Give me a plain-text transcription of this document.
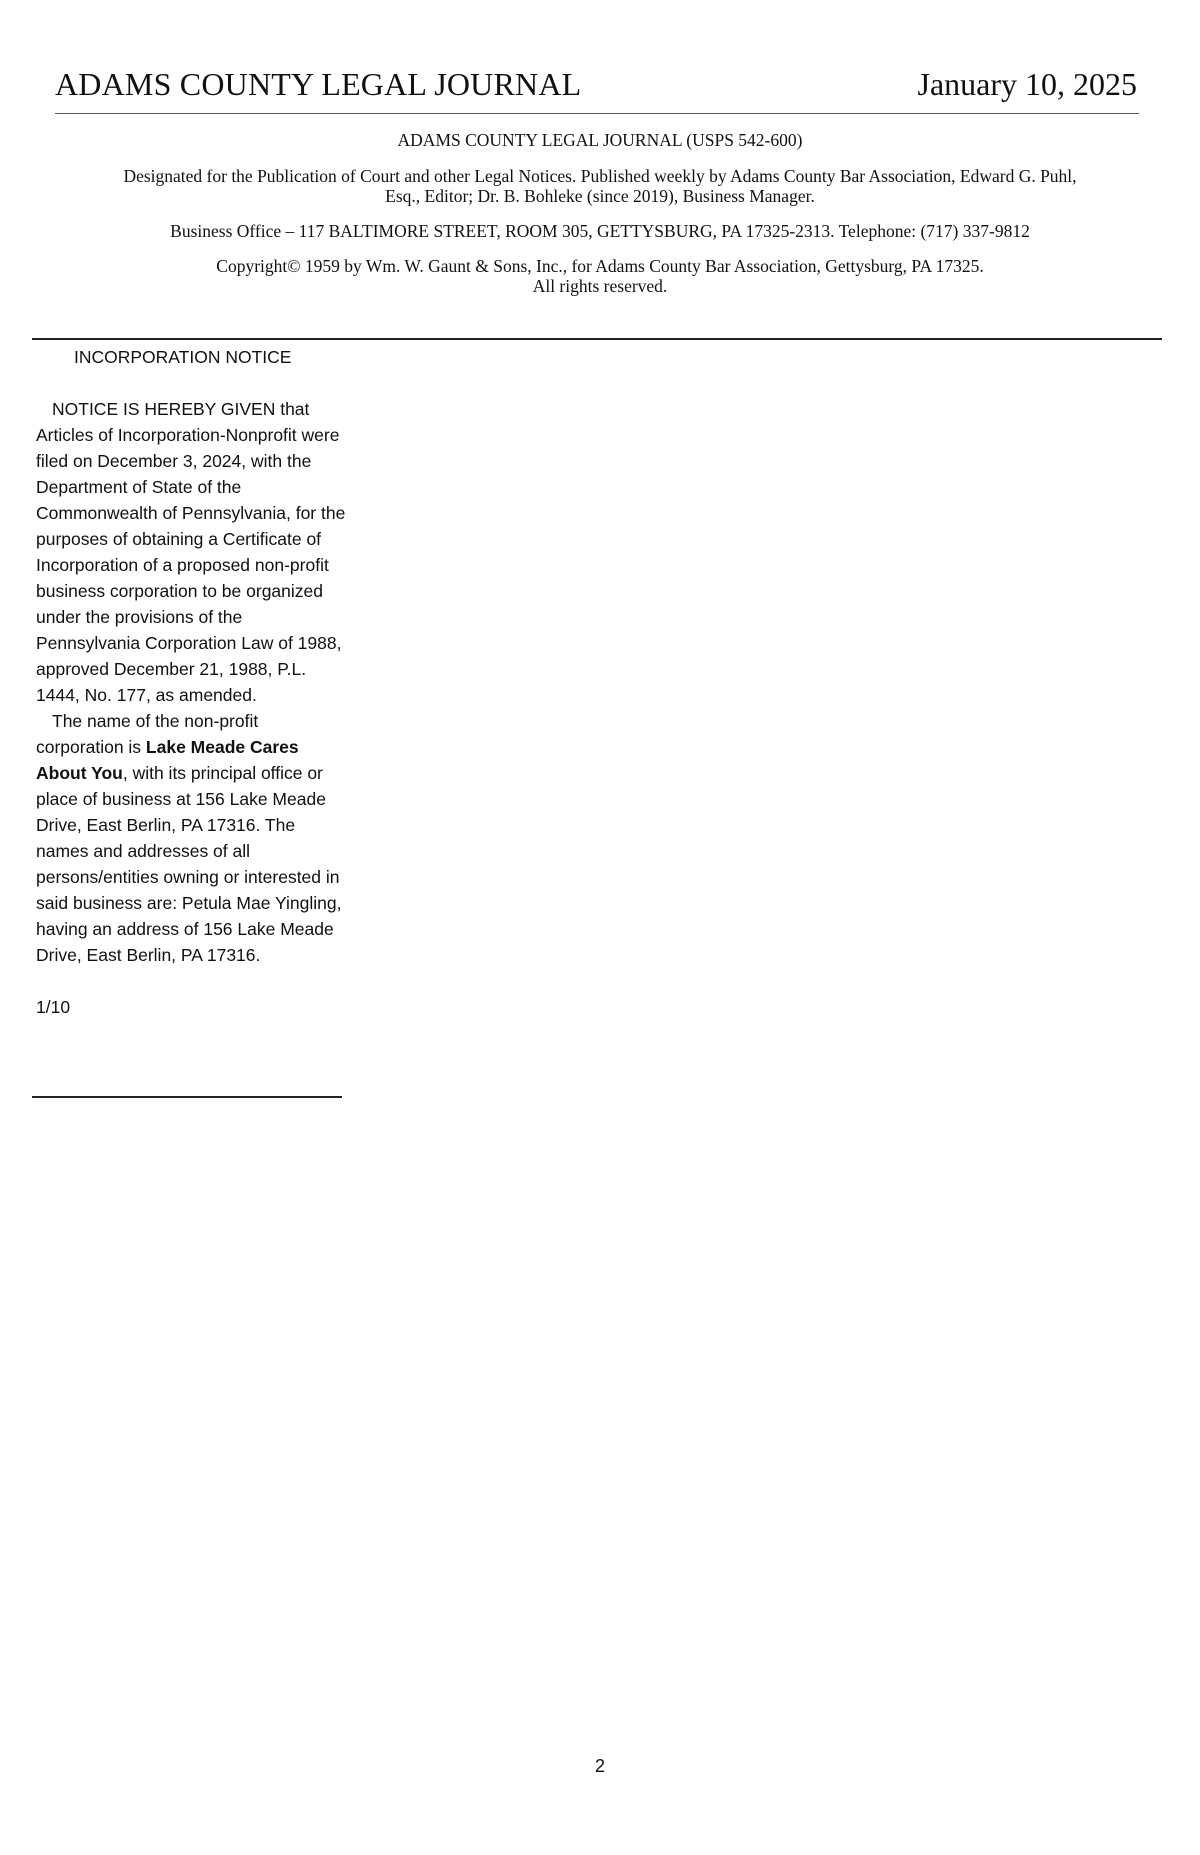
ADAMS COUNTY LEGAL JOURNAL	January 10, 2025

ADAMS COUNTY LEGAL JOURNAL (USPS 542-600)

Designated for the Publication of Court and other Legal Notices. Published weekly by Adams County Bar Association, Edward G. Puhl, Esq., Editor; Dr. B. Bohleke (since 2019), Business Manager.

Business Office – 117 BALTIMORE STREET, ROOM 305, GETTYSBURG, PA 17325-2313. Telephone: (717) 337-9812

Copyright© 1959 by Wm. W. Gaunt & Sons, Inc., for Adams County Bar Association, Gettysburg, PA 17325.
All rights reserved.

INCORPORATION NOTICE

NOTICE IS HEREBY GIVEN that Articles of Incorporation-Nonprofit were filed on December 3, 2024, with the Department of State of the Commonwealth of Pennsylvania, for the purposes of obtaining a Certificate of Incorporation of a proposed non-profit business corporation to be organized under the provisions of the Pennsylvania Corporation Law of 1988, approved December 21, 1988, P.L. 1444, No. 177, as amended.

The name of the non-profit corporation is Lake Meade Cares About You, with its principal office or place of business at 156 Lake Meade Drive, East Berlin, PA 17316. The names and addresses of all persons/entities owning or interested in said business are: Petula Mae Yingling, having an address of 156 Lake Meade Drive, East Berlin, PA 17316.

1/10
2
